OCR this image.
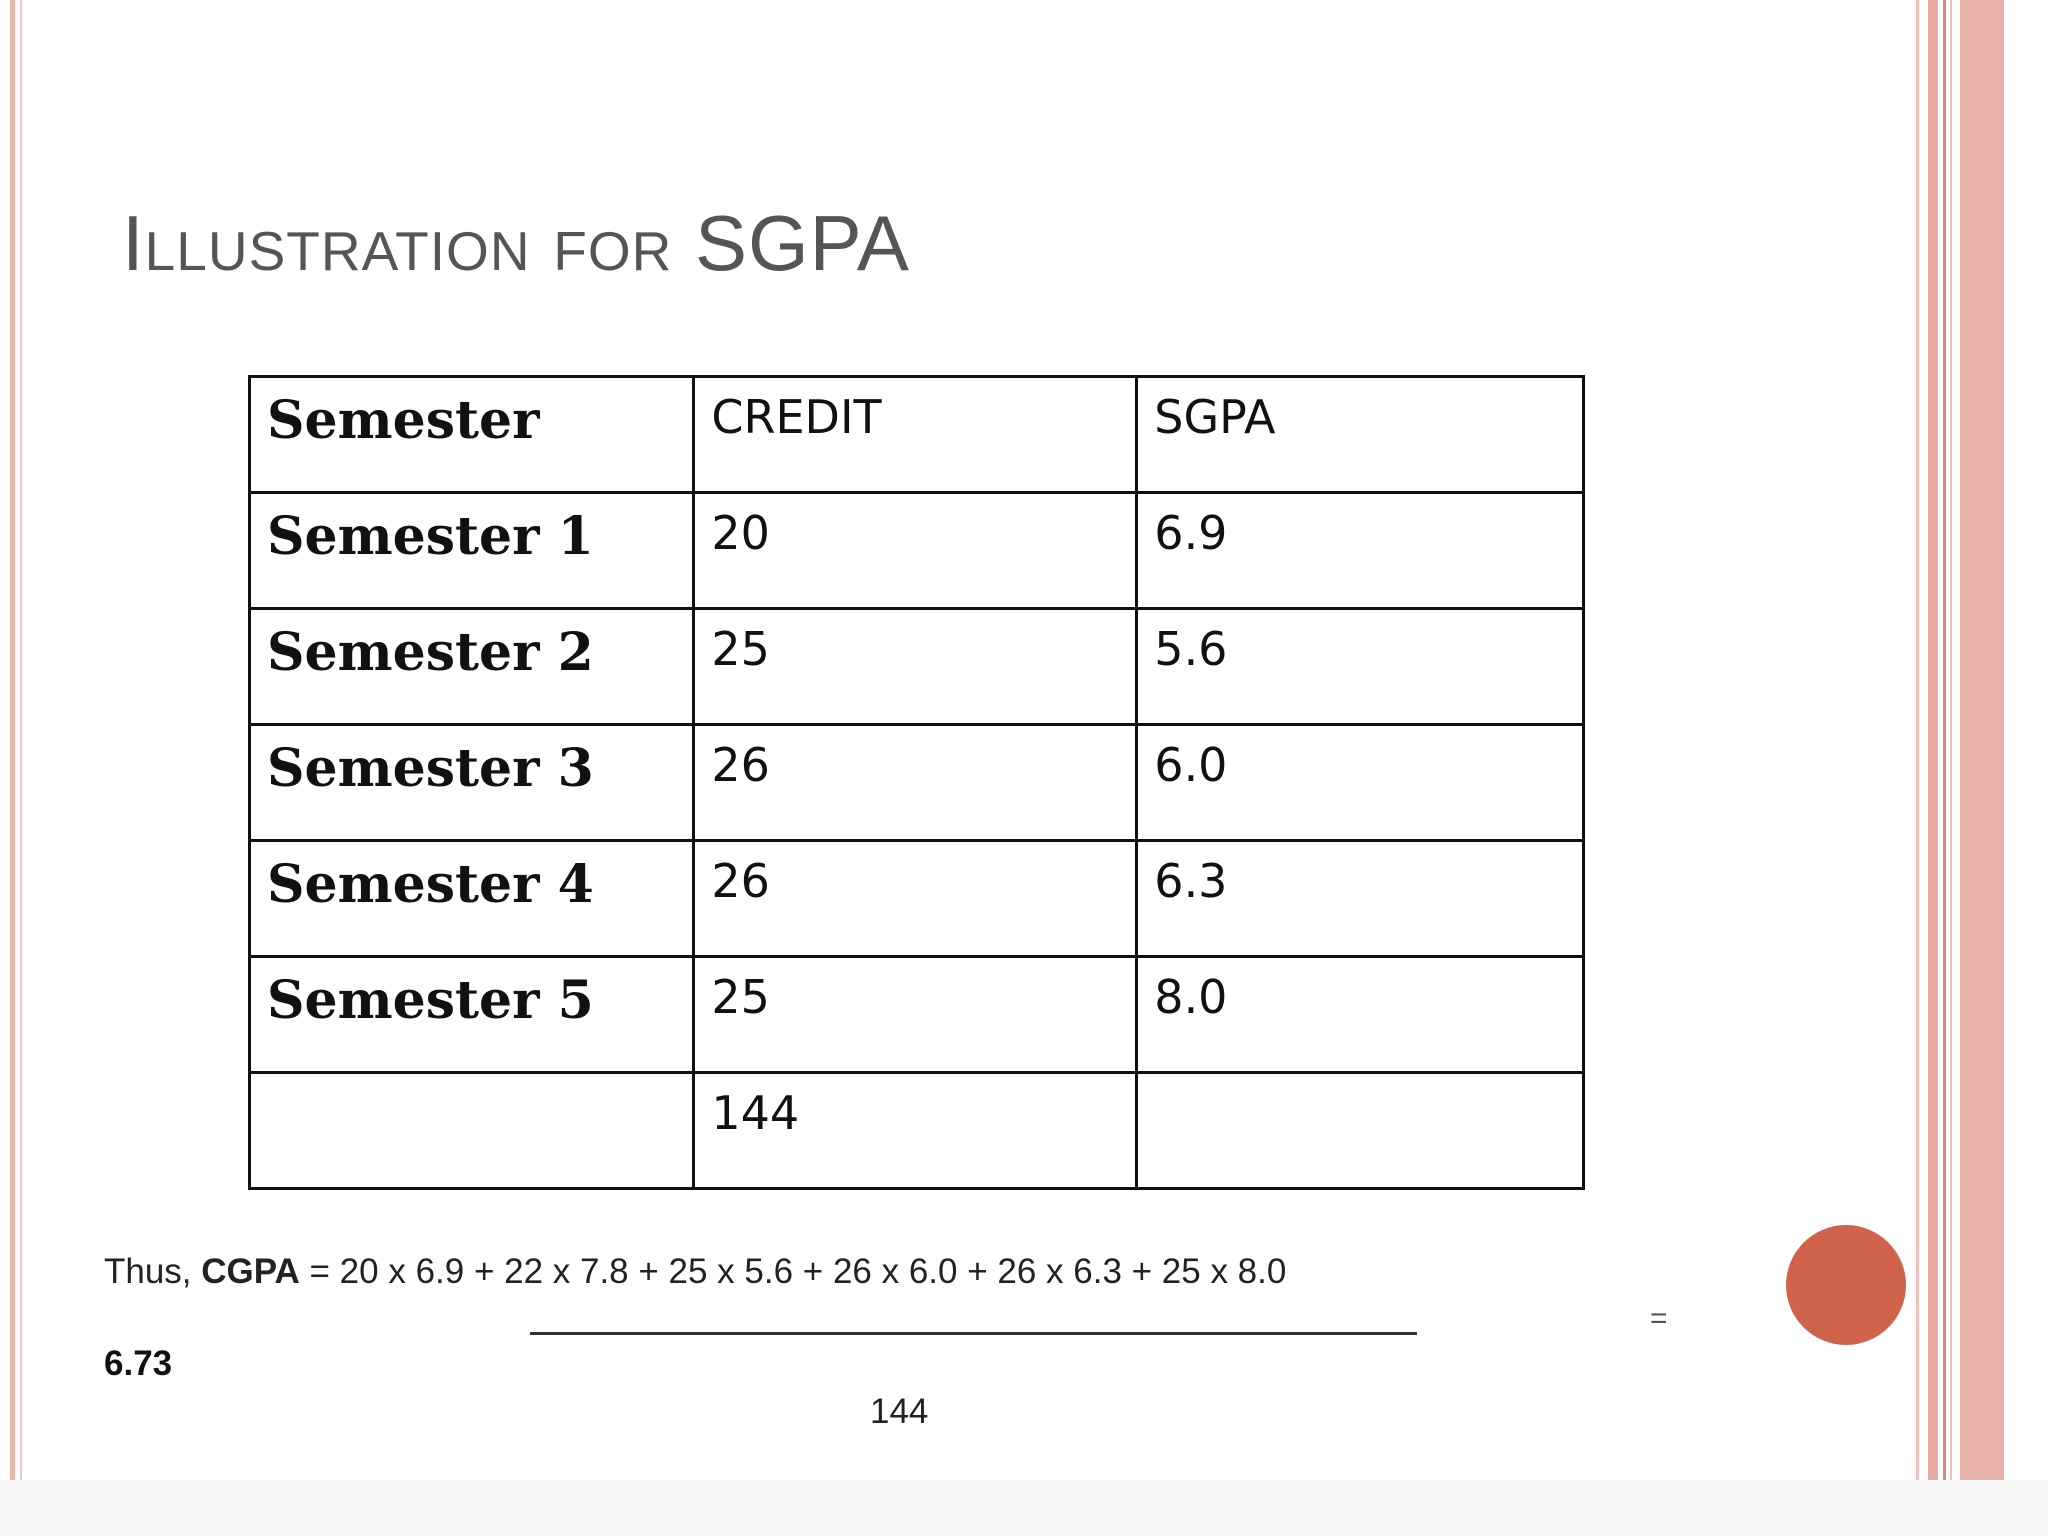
Illustration for SGPA
Semester	CREDIT	SGPA
Semester 1	20	6.9
Semester 2	25	5.6
Semester 3	26	6.0
Semester 4	26	6.3
Semester 5	25	8.0
	144	
Thus, CGPA = 20 x 6.9 + 22 x 7.8 + 25 x 5.6 + 26 x 6.0 + 26 x 6.3 + 25 x 8.0
=
6.73
144
